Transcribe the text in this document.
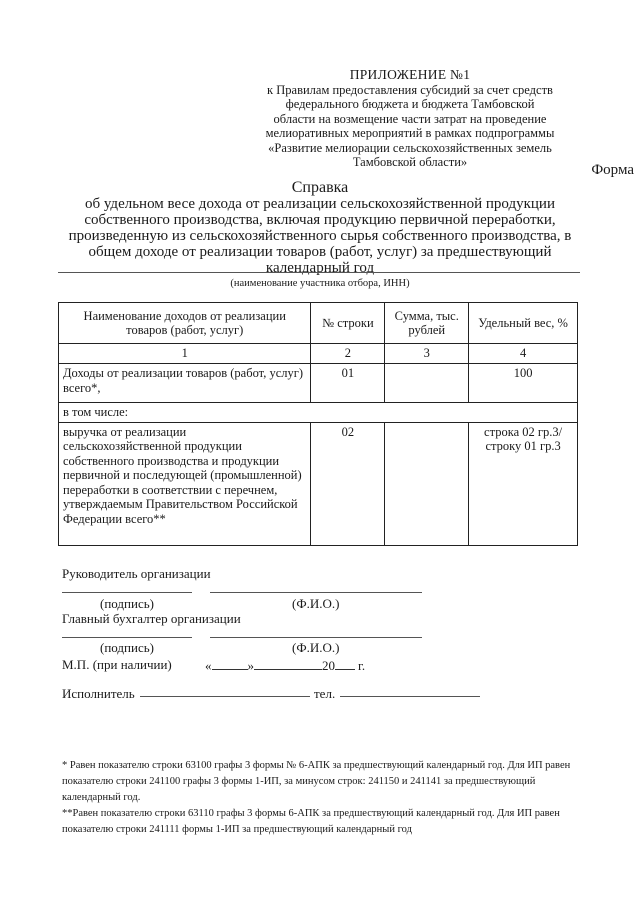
ПРИЛОЖЕНИЕ №1
к Правилам предоставления субсидий за счет средств
федерального бюджета и бюджета Тамбовской
области на возмещение части затрат на проведение
мелиоративных мероприятий в рамках подпрограммы
«Развитие мелиорации сельскохозяйственных земель
Тамбовской области»	Форма
Справка
об удельном весе дохода от реализации сельскохозяйственной продукции
собственного производства, включая продукцию первичной переработки,
произведенную из сельскохозяйственного сырья собственного производства, в
общем доходе от реализации товаров (работ, услуг) за предшествующий
календарный год
(наименование участника отбора, ИНН)
Наименование доходов от реализации товаров (работ, услуг)	№ строки	Сумма, тыс. рублей	Удельный вес, %
1	2	3	4
Доходы от реализации товаров (работ, услуг) всего*,	01		100
в том числе:			
выручка от реализации сельскохозяйственной продукции собственного производства и продукции первичной и последующей (промышленной) переработки в соответствии с перечнем, утверждаемым Правительством Российской Федерации всего**	02		строка 02 гр.3/ строку 01 гр.3
Руководитель организации
(подпись)	(Ф.И.О.)
Главный бухгалтер организации
(подпись)	(Ф.И.О.)
М.П. (при наличии)	«	»	20 г.
Исполнитель	тел.
* Равен показателю строки 63100 графы 3 формы № 6-АПК за предшествующий календарный год. Для ИП равен показателю строки 241100 графы 3 формы 1-ИП, за минусом строк: 241150 и 241141 за предшествующий календарный год.
**Равен показателю строки 63110 графы 3 формы 6-АПК за предшествующий календарный год. Для ИП равен показателю строки 241111 формы 1-ИП за предшествующий календарный год
